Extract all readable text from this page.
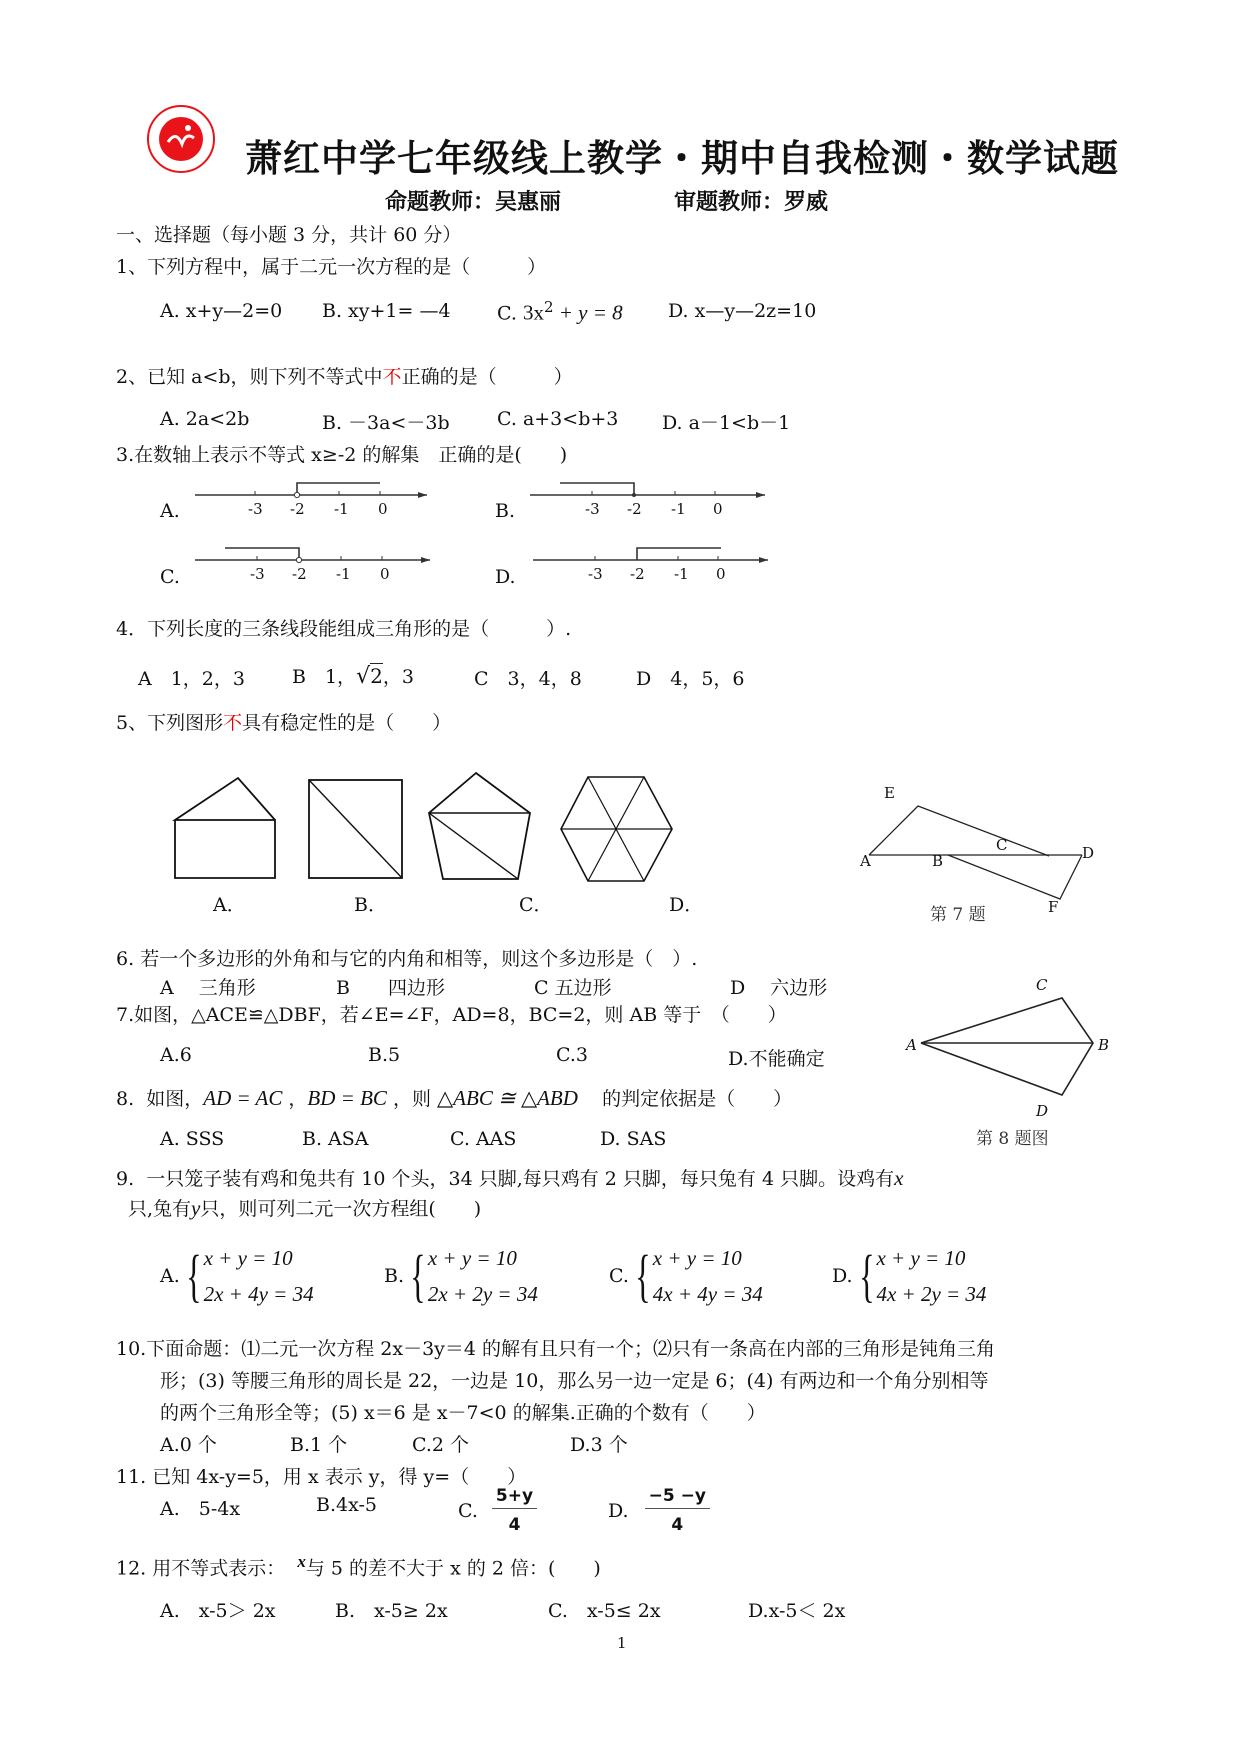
萧红中学七年级线上教学・期中自我检测・数学试题
命题教师：吴惠丽	审题教师：罗威
一、选择题（每小题 3 分，共计 60 分）
1、下列方程中，属于二元一次方程的是（　　　）
A. x+y—2=0 B. xy+1= —4 C. $3x^2 + y = 8$ D. x—y—2z=10
2、已知 a<b，则下列不等式中不正确的是（　　　）
A. 2a<2b	B. －3a<－3b C. a+3<b+3 D. a－1<b－1
3.在数轴上表示不等式 x≥-2 的解集　正确的是(　　)
A.	B.
C.	D.
-3 -2 -1 0	-3 -2 -1 0
-3 -2 -1 0	-3 -2 -1 0
4．下列长度的三条线段能组成三角形的是（　　　）.
A　1，2，3 B　1，√2，3	C　3，4，8	D　4，5，6
5、下列图形不具有稳定性的是（　　）
A．	B．	C．	D．
E
A	B
C	D
F
第 7 题
6. 若一个多边形的外角和与它的内角和相等，则这个多边形是（　）.
A　 三角形	B　　四边形	C 五边形	D　 六边形
7.如图，△ACE≌△DBF，若∠E=∠F，AD=8，BC=2，则 AB 等于　（　　）
A.6	B.5	C.3	D.不能确定
C
A	B
D
第 8 题图
8. 如图，AD = AC ，BD = BC ，则 △ABC ≅ △ABD 的判定依据是（　　）
A. SSS	B. ASA	C. AAS	D. SAS
9. 一只笼子装有鸡和兔共有 10 个头，34 只脚,每只鸡有 2 只脚，每只兔有 4 只脚。设鸡有x
只,兔有y只，则可列二元一次方程组(　　)
A. { x + y = 10
2x + 4y = 34
B. { x + y = 10
2x + 2y = 34
C. { x + y = 10
4x + 4y = 34
D. { x + y = 10
4x + 2y = 34
10.下面命题：⑴二元一次方程 2x－3y＝4 的解有且只有一个；⑵只有一条高在内部的三角形是钝角三角
形；(3) 等腰三角形的周长是 22，一边是 10，那么另一边一定是 6；(4) 有两边和一个角分别相等
的两个三角形全等；(5) x＝6 是 x－7<0 的解集.正确的个数有（　　）
A.0 个	B.1 个	C.2 个	D.3 个
11. 已知 4x-y=5，用 x 表示 y，得 y=（　　）
A.　5-4x	B.4x-5	C. $\frac{5+y}{4}$	D. $\frac{-5 -y}{4}$
12. 用不等式表示： $^x$与 5 的差不大于 x 的 2 倍：(　　)
A.　x-5＞ 2x	B.　x-5≥ 2x	C.　x-5≤ 2x	D.x-5＜ 2x
1
